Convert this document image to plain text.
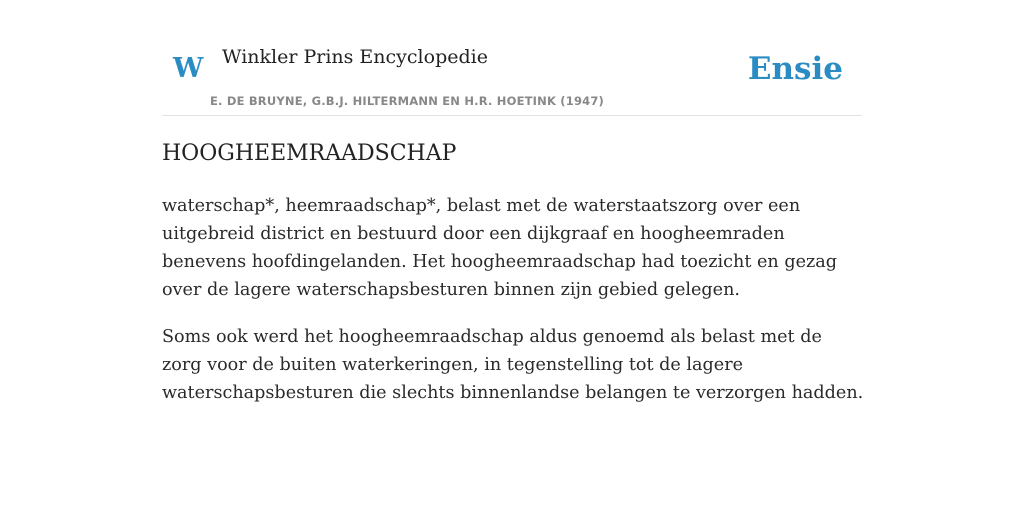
W Winkler Prins Encyclopedie
E. DE BRUYNE, G.B.J. HILTERMANN EN H.R. HOETINK (1947)
Ensie
HOOGHEEMRAADSCHAP

waterschap*, heemraadschap*, belast met de waterstaatszorg over een uitgebreid district en bestuurd door een dijkgraaf en hoogheemraden benevens hoofdingelanden. Het hoogheemraadschap had toezicht en gezag over de lagere waterschapsbesturen binnen zijn gebied gelegen.

Soms ook werd het hoogheemraadschap aldus genoemd als belast met de zorg voor de buiten waterkeringen, in tegenstelling tot de lagere waterschapsbesturen die slechts binnenlandse belangen te verzorgen hadden.
